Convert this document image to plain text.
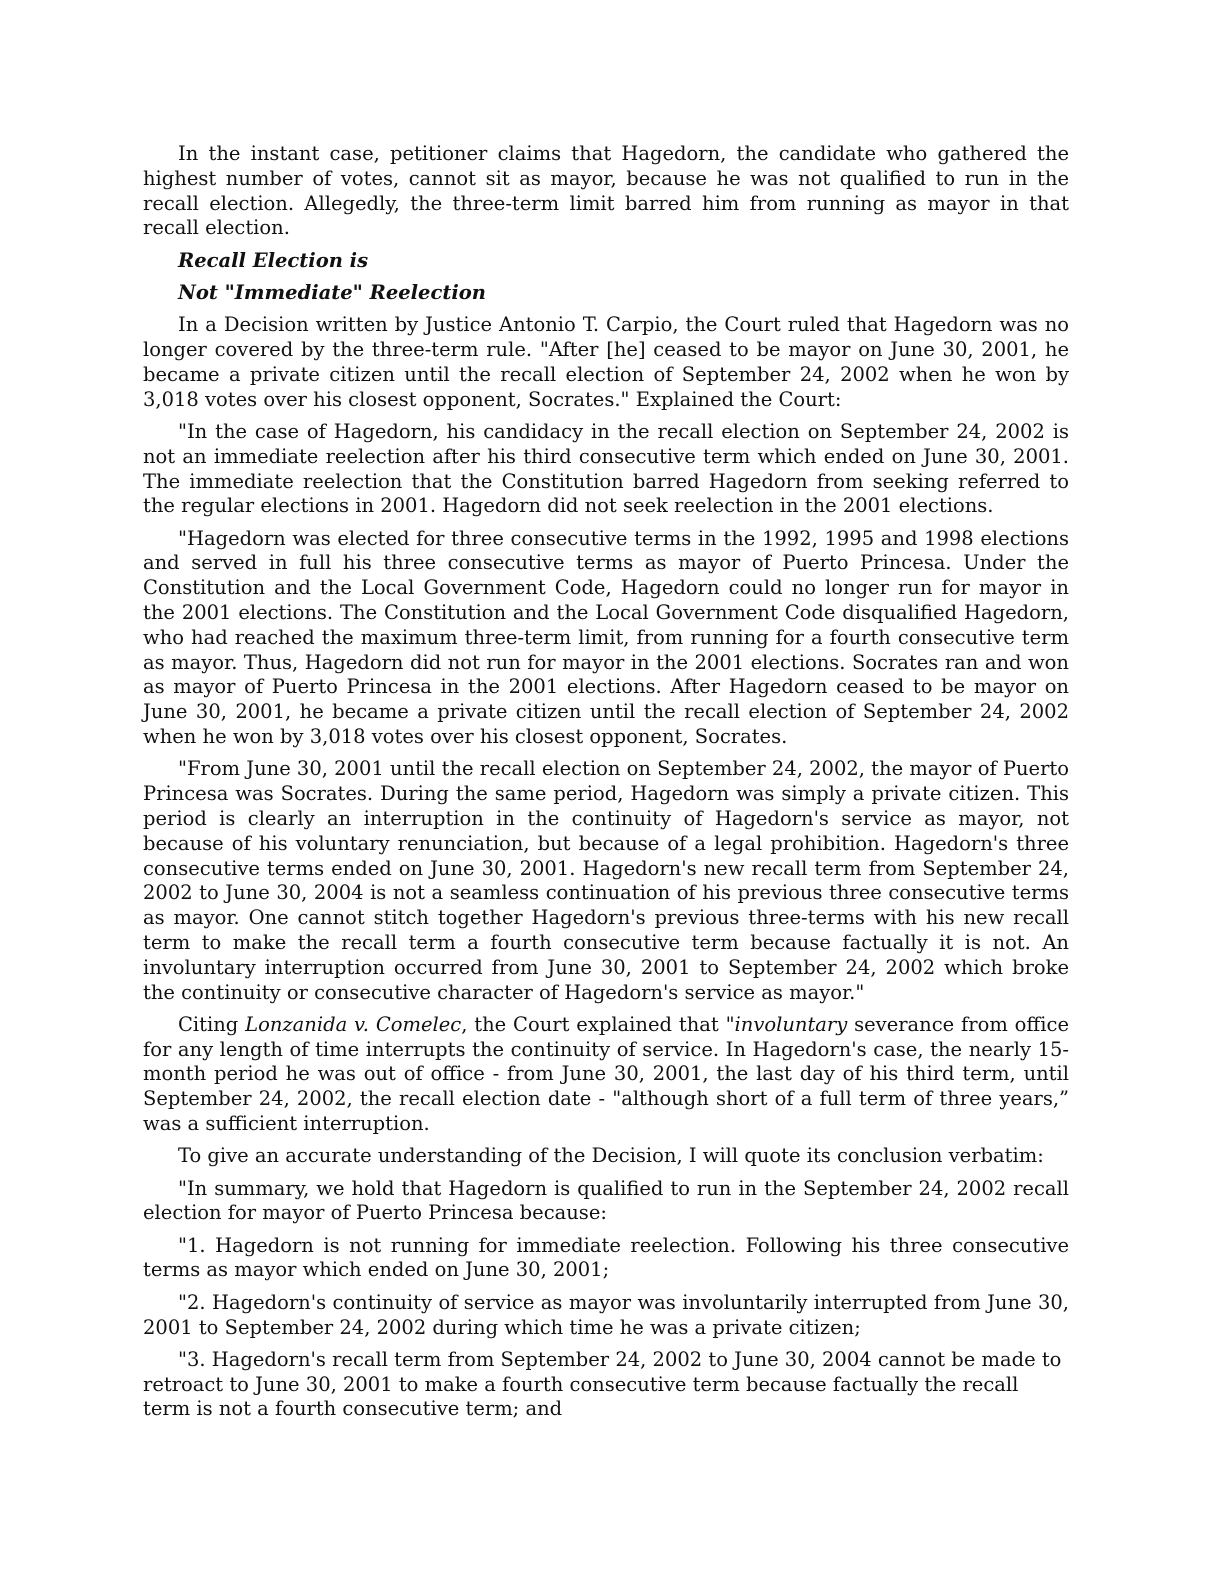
In the instant case, petitioner claims that Hagedorn, the candidate who gathered the highest number of votes, cannot sit as mayor, because he was not qualified to run in the recall election. Allegedly, the three-term limit barred him from running as mayor in that recall election.

Recall Election is

Not "Immediate" Reelection

In a Decision written by Justice Antonio T. Carpio, the Court ruled that Hagedorn was no longer covered by the three-term rule. "After [he] ceased to be mayor on June 30, 2001, he became a private citizen until the recall election of September 24, 2002 when he won by 3,018 votes over his closest opponent, Socrates." Explained the Court:

"In the case of Hagedorn, his candidacy in the recall election on September 24, 2002 is not an immediate reelection after his third consecutive term which ended on June 30, 2001. The immediate reelection that the Constitution barred Hagedorn from seeking referred to the regular elections in 2001. Hagedorn did not seek reelection in the 2001 elections.

"Hagedorn was elected for three consecutive terms in the 1992, 1995 and 1998 elections and served in full his three consecutive terms as mayor of Puerto Princesa. Under the Constitution and the Local Government Code, Hagedorn could no longer run for mayor in the 2001 elections. The Constitution and the Local Government Code disqualified Hagedorn, who had reached the maximum three-term limit, from running for a fourth consecutive term as mayor. Thus, Hagedorn did not run for mayor in the 2001 elections. Socrates ran and won as mayor of Puerto Princesa in the 2001 elections. After Hagedorn ceased to be mayor on June 30, 2001, he became a private citizen until the recall election of September 24, 2002 when he won by 3,018 votes over his closest opponent, Socrates.

"From June 30, 2001 until the recall election on September 24, 2002, the mayor of Puerto Princesa was Socrates. During the same period, Hagedorn was simply a private citizen. This period is clearly an interruption in the continuity of Hagedorn's service as mayor, not because of his voluntary renunciation, but because of a legal prohibition. Hagedorn's three consecutive terms ended on June 30, 2001. Hagedorn's new recall term from September 24, 2002 to June 30, 2004 is not a seamless continuation of his previous three consecutive terms as mayor. One cannot stitch together Hagedorn's previous three-terms with his new recall term to make the recall term a fourth consecutive term because factually it is not. An involuntary interruption occurred from June 30, 2001 to September 24, 2002 which broke the continuity or consecutive character of Hagedorn's service as mayor."

Citing Lonzanida v. Comelec, the Court explained that "involuntary severance from office for any length of time interrupts the continuity of service. In Hagedorn's case, the nearly 15-month period he was out of office - from June 30, 2001, the last day of his third term, until September 24, 2002, the recall election date - "although short of a full term of three years,” was a sufficient interruption.

To give an accurate understanding of the Decision, I will quote its conclusion verbatim:

"In summary, we hold that Hagedorn is qualified to run in the September 24, 2002 recall election for mayor of Puerto Princesa because:

"1. Hagedorn is not running for immediate reelection. Following his three consecutive terms as mayor which ended on June 30, 2001;

"2. Hagedorn's continuity of service as mayor was involuntarily interrupted from June 30, 2001 to September 24, 2002 during which time he was a private citizen;

"3. Hagedorn's recall term from September 24, 2002 to June 30, 2004 cannot be made to retroact to June 30, 2001 to make a fourth consecutive term because factually the recall term is not a fourth consecutive term; and
